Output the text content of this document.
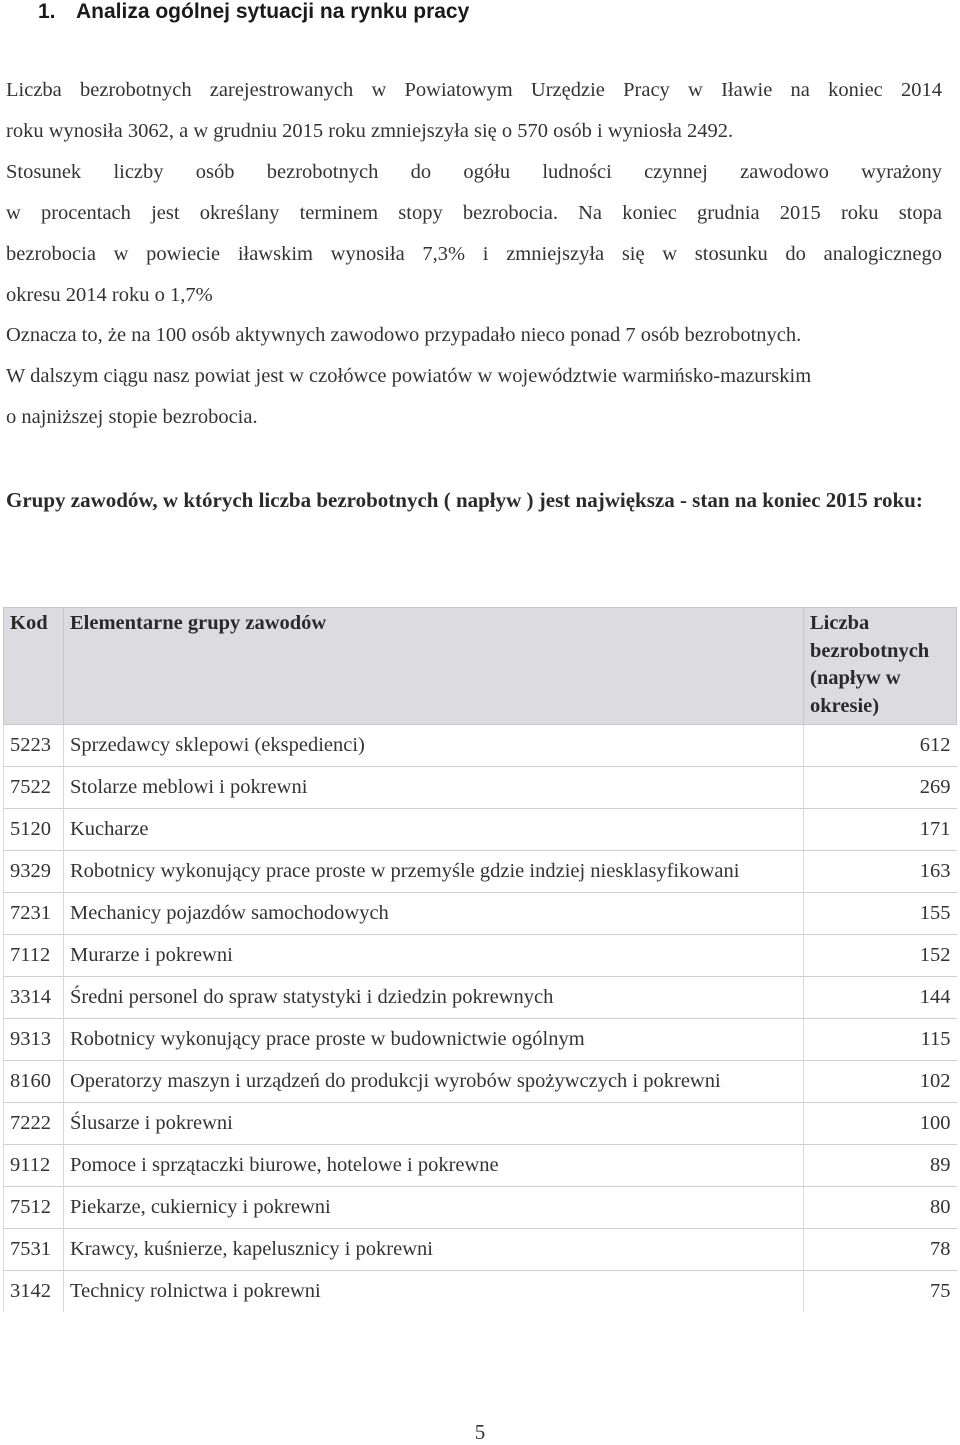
1. Analiza ogólnej sytuacji na rynku pracy
Liczba bezrobotnych zarejestrowanych w Powiatowym Urzędzie Pracy w Iławie na koniec 2014
roku wynosiła 3062, a w grudniu 2015 roku zmniejszyła się o 570 osób i wyniosła 2492.
Stosunek liczby osób bezrobotnych do ogółu ludności czynnej zawodowo wyrażony
w procentach jest określany terminem stopy bezrobocia. Na koniec grudnia 2015 roku stopa
bezrobocia w powiecie iławskim wynosiła 7,3% i zmniejszyła się w stosunku do analogicznego
okresu 2014 roku o 1,7%
Oznacza to, że na 100 osób aktywnych zawodowo przypadało nieco ponad 7 osób bezrobotnych.
W dalszym ciągu nasz powiat jest w czołówce powiatów w województwie warmińsko-mazurskim
o najniższej stopie bezrobocia.
Grupy zawodów, w których liczba bezrobotnych ( napływ ) jest największa - stan na koniec 2015 roku:
Kod	Elementarne grupy zawodów	Liczba bezrobotnych (napływ w okresie)
5223	Sprzedawcy sklepowi (ekspedienci)	612
7522	Stolarze meblowi i pokrewni	269
5120	Kucharze	171
9329	Robotnicy wykonujący prace proste w przemyśle gdzie indziej niesklasyfikowani	163
7231	Mechanicy pojazdów samochodowych	155
7112	Murarze i pokrewni	152
3314	Średni personel do spraw statystyki i dziedzin pokrewnych	144
9313	Robotnicy wykonujący prace proste w budownictwie ogólnym	115
8160	Operatorzy maszyn i urządzeń do produkcji wyrobów spożywczych i pokrewni	102
7222	Ślusarze i pokrewni	100
9112	Pomoce i sprzątaczki biurowe, hotelowe i pokrewne	89
7512	Piekarze, cukiernicy i pokrewni	80
7531	Krawcy, kuśnierze, kapelusznicy i pokrewni	78
3142	Technicy rolnictwa i pokrewni	75
5
